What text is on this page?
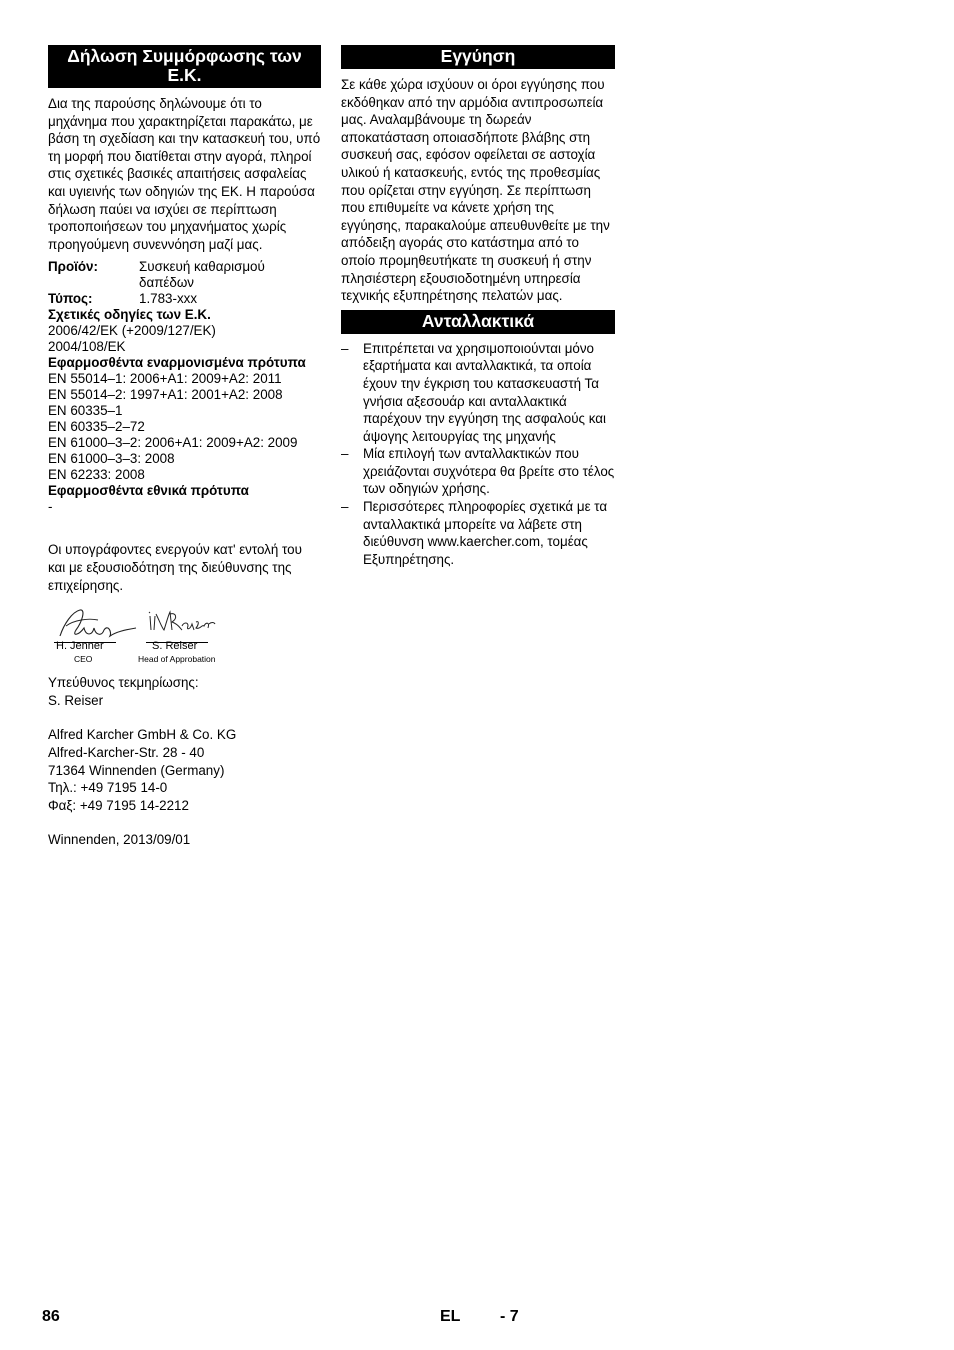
Δήλωση Συμμόρφωσης των Ε.Κ.

Δια της παρούσης δηλώνουμε ότι το μηχάνημα που χαρακτηρίζεται παρακάτω, με βάση τη σχεδίαση και την κατασκευή του, υπό τη μορφή που διατίθεται στην αγορά, πληροί στις σχετικές βασικές απαιτήσεις ασφαλείας και υγιεινής των οδηγιών της ΕΚ. Η παρούσα δήλωση παύει να ισχύει σε περίπτωση τροποποιήσεων του μηχανήματος χωρίς προηγούμενη συνεννόηση μαζί μας.

Προϊόν:	Συσκευή καθαρισμού δαπέδων
Τύπος:	1.783-xxx
Σχετικές οδηγίες των Ε.Κ.
2006/42/ΕΚ (+2009/127/ΕΚ)
2004/108/ΕΚ
Εφαρμοσθέντα εναρμονισμένα πρότυπα
EN 55014–1: 2006+A1: 2009+A2: 2011
EN 55014–2: 1997+A1: 2001+A2: 2008
EN 60335–1
EN 60335–2–72
EN 61000–3–2: 2006+A1: 2009+A2: 2009
EN 61000–3–3: 2008
EN 62233: 2008
Εφαρμοσθέντα εθνικά πρότυπα
-

Οι υπογράφοντες ενεργούν κατ' εντολή του και με εξουσιοδότηση της διεύθυνσης της επιχείρησης.

H. Jenner
CEO
S. Reiser
Head of Approbation
Υπεύθυνος τεκμηρίωσης:
S. Reiser
Alfred Karcher GmbH & Co. KG
Alfred-Karcher-Str. 28 - 40
71364 Winnenden (Germany)
Τηλ.: +49 7195 14-0
Φαξ: +49 7195 14-2212
Winnenden, 2013/09/01
Εγγύηση

Σε κάθε χώρα ισχύουν οι όροι εγγύησης που εκδόθηκαν από την αρμόδια αντιπροσωπεία μας. Αναλαμβάνουμε τη δωρεάν αποκατάσταση οποιασδήποτε βλάβης στη συσκευή σας, εφόσον οφείλεται σε αστοχία υλικού ή κατασκευής, εντός της προθεσμίας που ορίζεται στην εγγύηση. Σε περίπτωση που επιθυμείτε να κάνετε χρήση της εγγύησης, παρακαλούμε απευθυνθείτε με την απόδειξη αγοράς στο κατάστημα από το οποίο προμηθευτήκατε τη συσκευή ή στην πλησιέστερη εξουσιοδοτημένη υπηρεσία τεχνικής εξυπηρέτησης πελατών μας.

Ανταλλακτικά
–	Επιτρέπεται να χρησιμοποιούνται μόνο εξαρτήματα και ανταλλακτικά, τα οποία έχουν την έγκριση του κατασκευαστή Τα γνήσια αξεσουάρ και ανταλλακτικά παρέχουν την εγγύηση της ασφαλούς και άψογης λειτουργίας της μηχανής
–	Μία επιλογή των ανταλλακτικών που χρειάζονται συχνότερα θα βρείτε στο τέλος των οδηγιών χρήσης.
–	Περισσότερες πληροφορίες σχετικά με τα ανταλλακτικά μπορείτε να λάβετε στη διεύθυνση www.kaercher.com, τομέας Εξυπηρέτησης.
86	EL - 7
